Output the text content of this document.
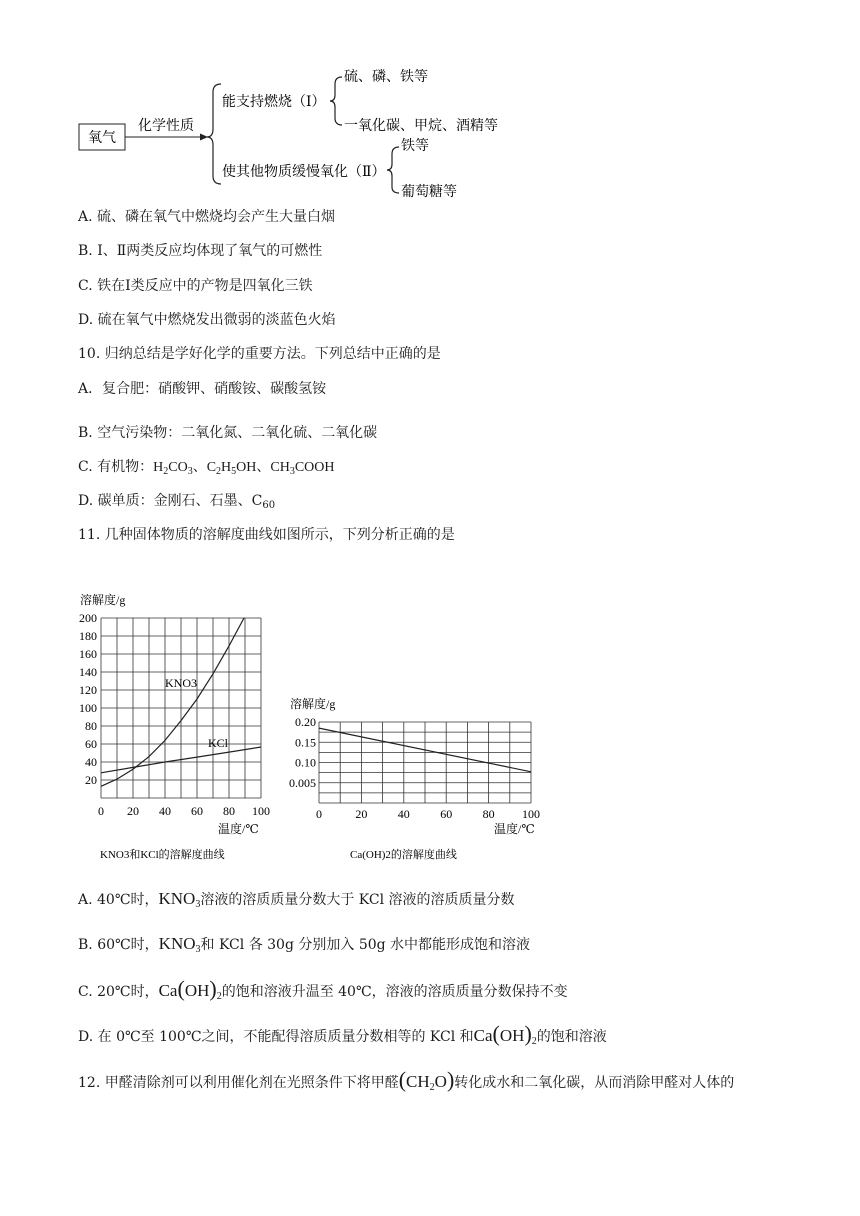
氧气
化学性质
能支持燃烧（Ⅰ）
使其他物质缓慢氧化（Ⅱ）
硫、磷、铁等
一氧化碳、甲烷、酒精等
铁等
葡萄糖等
A. 硫、磷在氧气中燃烧均会产生大量白烟
B. Ⅰ、Ⅱ两类反应均体现了氧气的可燃性
C. 铁在Ⅰ类反应中的产物是四氧化三铁
D. 硫在氧气中燃烧发出微弱的淡蓝色火焰
10. 归纳总结是学好化学的重要方法。下列总结中正确的是
A．复合肥：硝酸钾、硝酸铵、碳酸氢铵
B. 空气污染物：二氧化氮、二氧化硫、二氧化碳
C. 有机物：$H_2CO_3$、$C_2H_5OH$、$CH_3COOH$
D. 碳单质：金刚石、石墨、$C_{60}$
11. 几种固体物质的溶解度曲线如图所示，下列分析正确的是
溶解度/g
温度/℃
KNO3和KCl的溶解度曲线
0 20 40 60 80 100
20
40
60
80
100
120
140
160
180
200
KNO3
KCl
溶解度/g
温度/℃
Ca(OH)2的溶解度曲线
0	20	40	60	80 100
0.20
0.15
0.10
0.005
A. 40℃时，$KNO_3$溶液的溶质质量分数大于 KCl 溶液的溶质质量分数
B. 60℃时，$KNO_3$和 KCl 各 30g 分别加入 50g 水中都能形成饱和溶液
C. 20℃时，$Ca(OH)_2$的饱和溶液升温至 40℃，溶液的溶质质量分数保持不变
D. 在 0℃至 100℃之间，不能配得溶质质量分数相等的 KCl 和$Ca(OH)_2$的饱和溶液
12. 甲醛清除剂可以利用催化剂在光照条件下将甲醛$(CH_2O)$转化成水和二氧化碳，从而消除甲醛对人体的
